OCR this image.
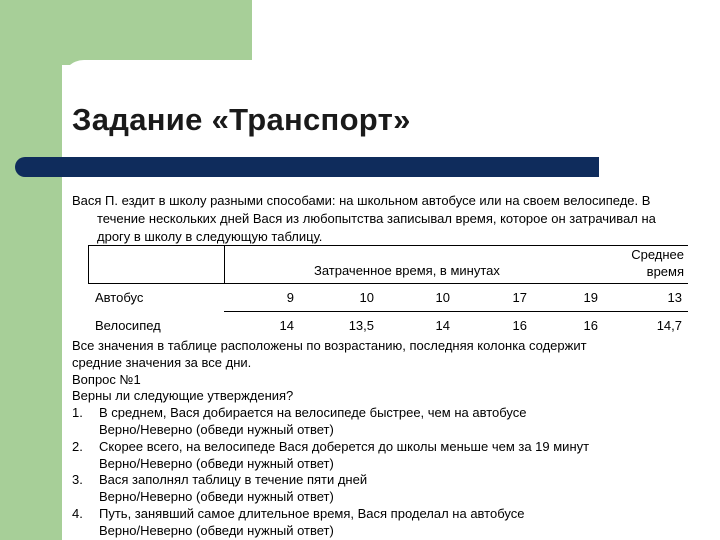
Задание «Транспорт»
Вася П. ездит в школу разными способами: на школьном автобусе или на своем велосипеде. В
течение нескольких дней Вася из любопытства записывал время, которое он затрачивал на
дрогу в школу в следующую таблицу.
Затраченное время, в минутах
Среднее
время
Автобус	9	10	10	17	19	13
Велосипед	14	13,5	14	16	16	14,7
Все значения в таблице расположены по возрастанию, последняя колонка содержит
средние значения за все дни.
Вопрос №1
Верны ли следующие утверждения?
1. В среднем, Вася добирается на велосипеде быстрее, чем на автобусе
Верно/Неверно (обведи нужный ответ)
2. Скорее всего, на велосипеде Вася доберется до школы меньше чем за 19 минут
Верно/Неверно (обведи нужный ответ)
3. Вася заполнял таблицу в течение пяти дней
Верно/Неверно (обведи нужный ответ)
4. Путь, занявший самое длительное время, Вася проделал на автобусе
Верно/Неверно (обведи нужный ответ)
